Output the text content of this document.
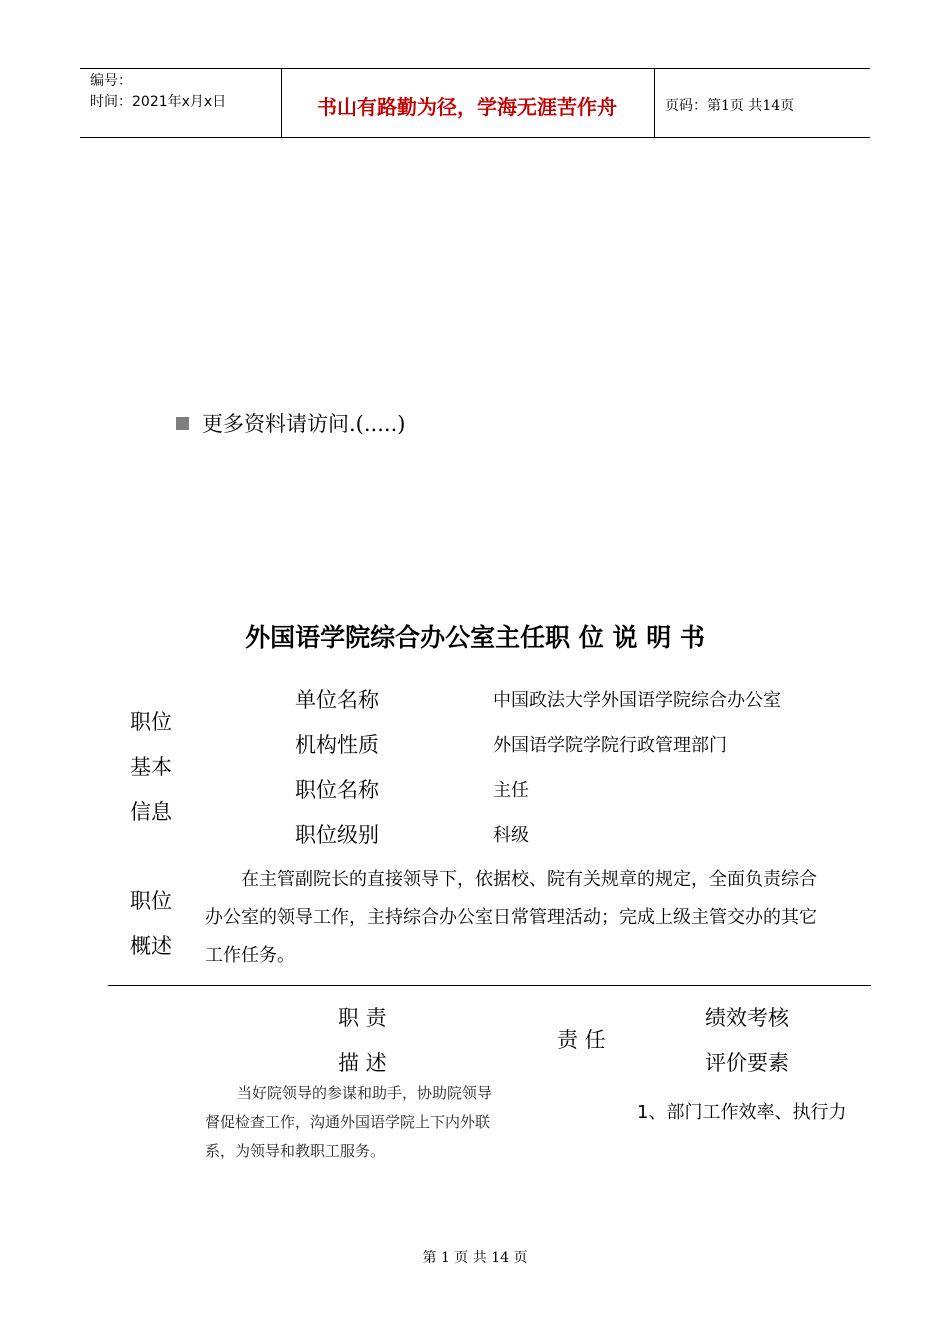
编号：
时间：2021年x月x日	书山有路勤为径，学海无涯苦作舟	页码：第1页 共14页
更多资料请访问.(.....)
外国语学院综合办公室主任职 位 说 明 书
职位
基本
信息
单位名称
机构性质
职位名称
职位级别
中国政法大学外国语学院综合办公室
外国语学院学院行政管理部门
主任
科级
职位
概述
在主管副院长的直接领导下，依据校、院有关规章的规定，全面负责综合
办公室的领导工作，主持综合办公室日常管理活动；完成上级主管交办的其它
工作任务。
职 责
描 述
责 任
绩效考核
评价要素
当好院领导的参谋和助手，协助院领导
督促检查工作，沟通外国语学院上下内外联
系，为领导和教职工服务。
1、部门工作效率、执行力
第 1 页 共 14 页
